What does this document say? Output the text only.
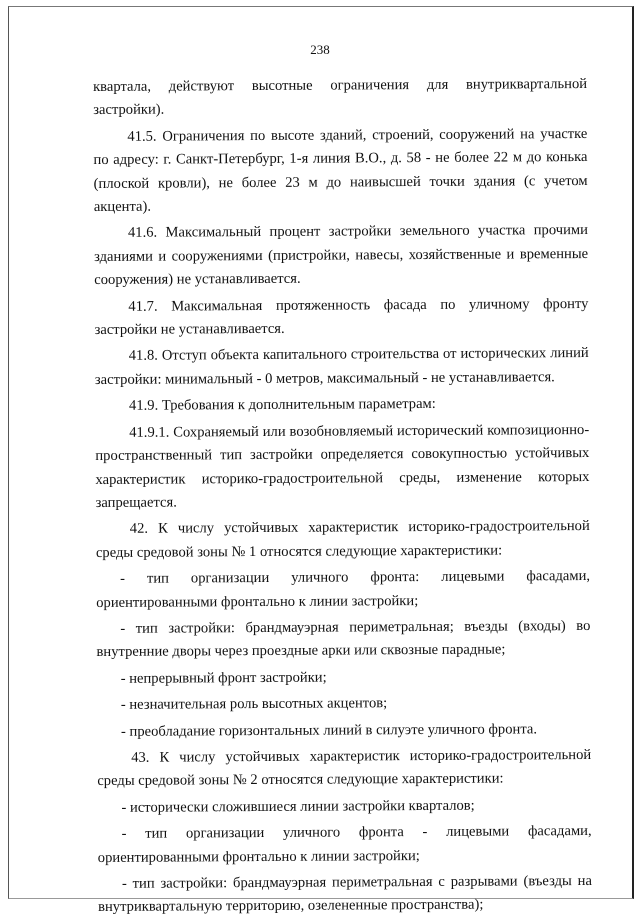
238

квартала, действуют высотные ограничения для внутриквартальной застройки).

41.5. Ограничения по высоте зданий, строений, сооружений на участке по адресу: г. Санкт-Петербург, 1-я линия В.О., д. 58 - не более 22 м до конька (плоской кровли), не более 23 м до наивысшей точки здания (с учетом акцента).

41.6. Максимальный процент застройки земельного участка прочими зданиями и сооружениями (пристройки, навесы, хозяйственные и временные сооружения) не устанавливается.

41.7. Максимальная протяженность фасада по уличному фронту застройки не устанавливается.

41.8. Отступ объекта капитального строительства от исторических линий застройки: минимальный - 0 метров, максимальный - не устанавливается.

41.9. Требования к дополнительным параметрам:

41.9.1. Сохраняемый или возобновляемый исторический композиционно-пространственный тип застройки определяется совокупностью устойчивых характеристик историко-градостроительной среды, изменение которых запрещается.

42. К числу устойчивых характеристик историко-градостроительной среды средовой зоны № 1 относятся следующие характеристики:

- тип организации уличного фронта: лицевыми фасадами, ориентированными фронтально к линии застройки;

- тип застройки: брандмауэрная периметральная; въезды (входы) во внутренние дворы через проездные арки или сквозные парадные;

- непрерывный фронт застройки;

- незначительная роль высотных акцентов;

- преобладание горизонтальных линий в силуэте уличного фронта.

43. К числу устойчивых характеристик историко-градостроительной среды средовой зоны № 2 относятся следующие характеристики:

- исторически сложившиеся линии застройки кварталов;

- тип организации уличного фронта - лицевыми фасадами, ориентированными фронтально к линии застройки;

- тип застройки: брандмауэрная периметральная с разрывами (въезды на внутриквартальную территорию, озелененные пространства);
